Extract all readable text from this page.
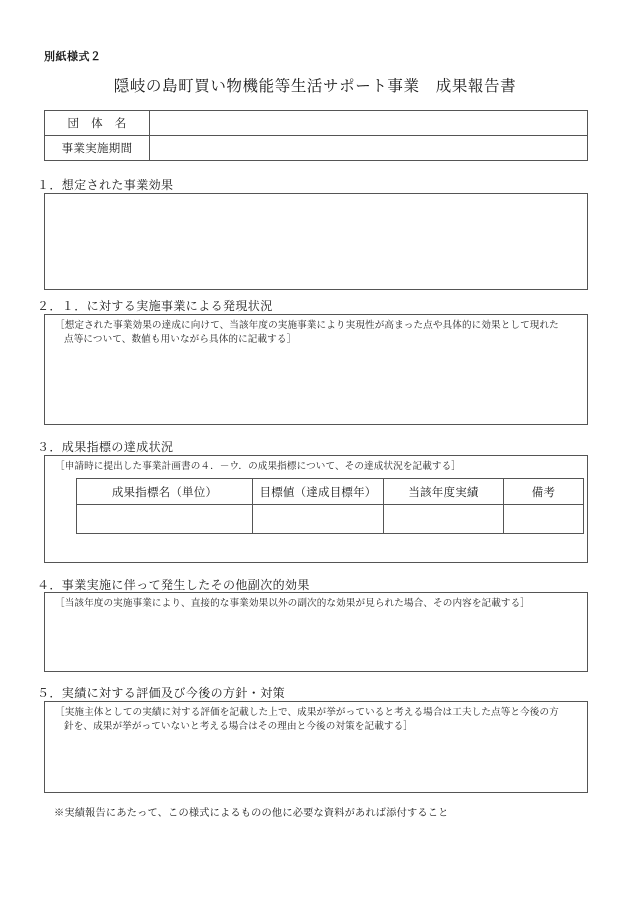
別紙様式２
隠岐の島町買い物機能等生活サポート事業　成果報告書
団　体　名	
事業実施期間	
１．想定された事業効果
２．１．に対する実施事業による発現状況
［想定された事業効果の達成に向けて、当該年度の実施事業により実現性が高まった点や具体的に効果として現れた
点等について、数値も用いながら具体的に記載する］
３．成果指標の達成状況
［申請時に提出した事業計画書の４．－ウ．の成果指標について、その達成状況を記載する］
成果指標名（単位）	目標値（達成目標年）	当該年度実績	備考

４．事業実施に伴って発生したその他副次的効果
［当該年度の実施事業により、直接的な事業効果以外の副次的な効果が見られた場合、その内容を記載する］
５．実績に対する評価及び今後の方針・対策
［実施主体としての実績に対する評価を記載した上で、成果が挙がっていると考える場合は工夫した点等と今後の方
針を、成果が挙がっていないと考える場合はその理由と今後の対策を記載する］
※実績報告にあたって、この様式によるものの他に必要な資料があれば添付すること
